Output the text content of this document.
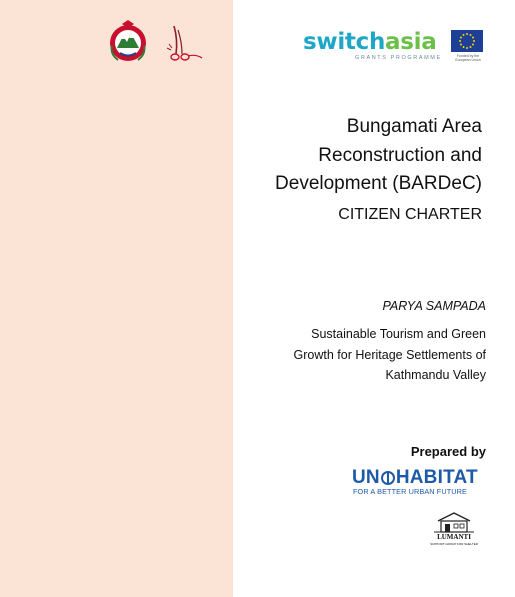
switchasia
GRANTS PROGRAMME	Funded by the European Union
Bungamati Area
Reconstruction and
Development (BARDeC)
CITIZEN CHARTER
PARYA SAMPADA
Sustainable Tourism and Green
Growth for Heritage Settlements of
Kathmandu Valley
Prepared by
UN HABITAT
FOR A BETTER URBAN FUTURE
LUMANTI
SUPPORT GROUP FOR SHELTER
